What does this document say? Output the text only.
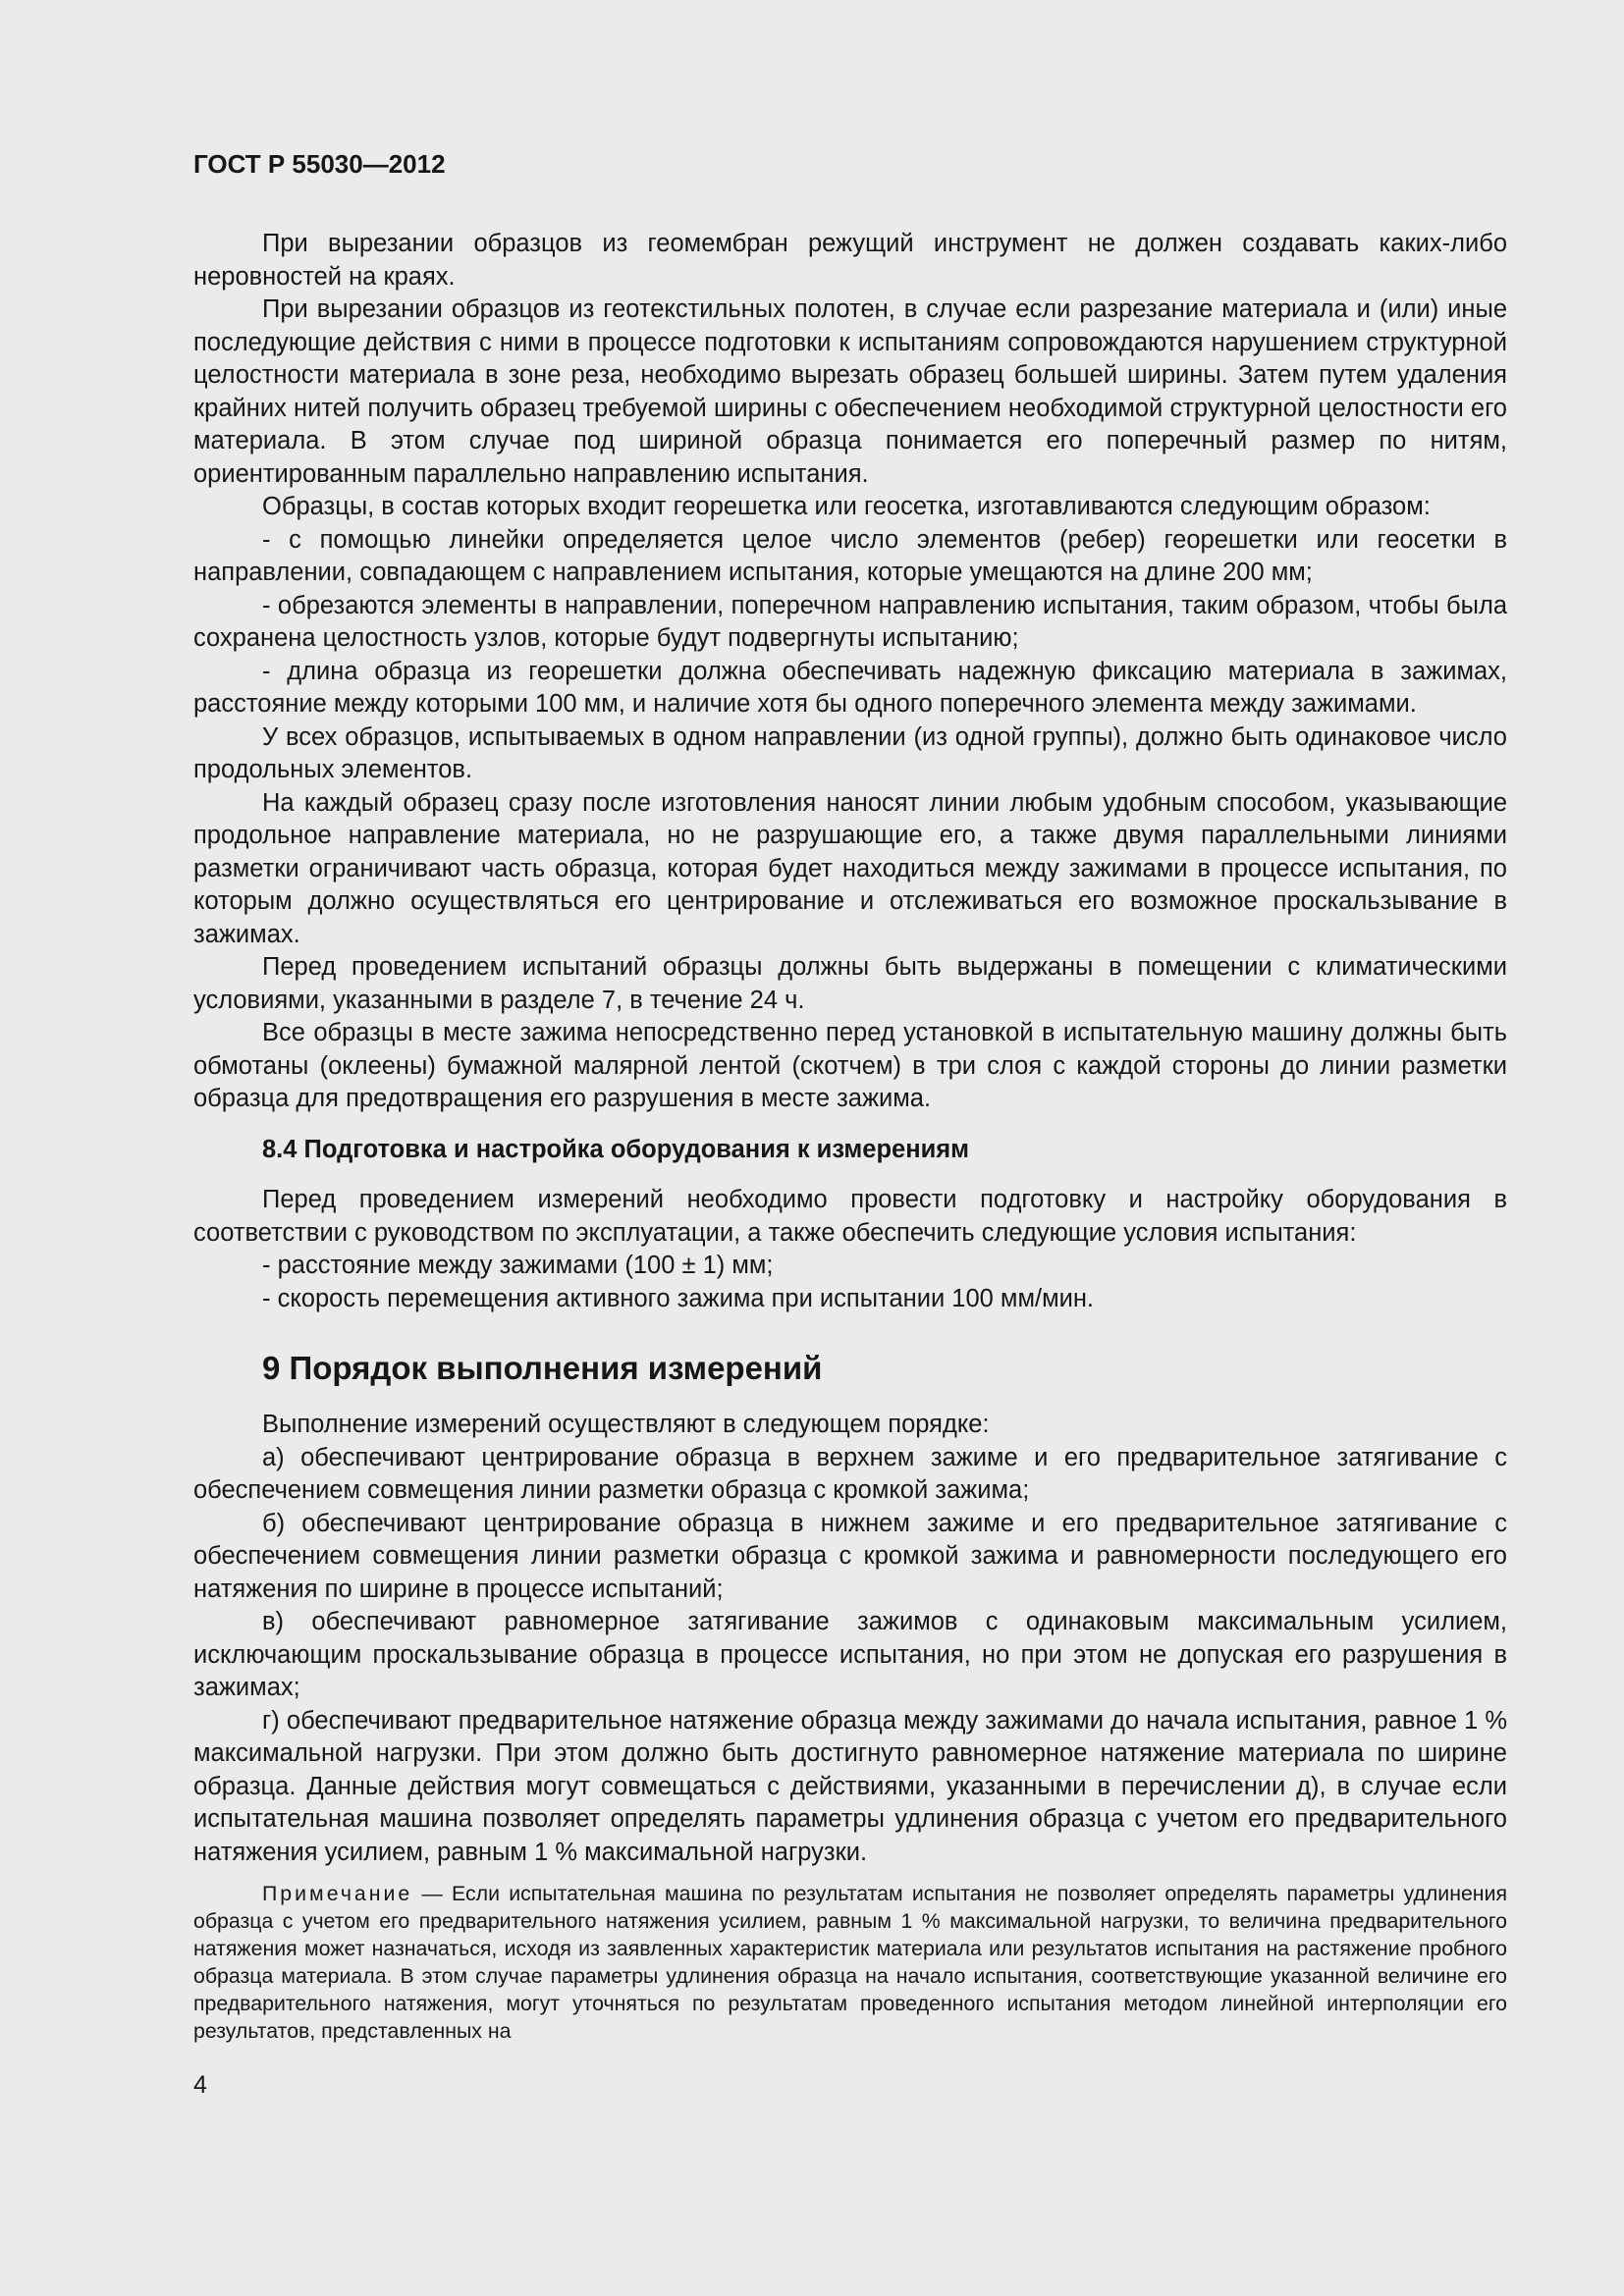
ГОСТ Р 55030—2012

При вырезании образцов из геомембран режущий инструмент не должен создавать каких-либо неровностей на краях.

При вырезании образцов из геотекстильных полотен, в случае если разрезание материала и (или) иные последующие действия с ними в процессе подготовки к испытаниям сопровождаются нарушением структурной целостности материала в зоне реза, необходимо вырезать образец большей ширины. Затем путем удаления крайних нитей получить образец требуемой ширины с обеспечением необходимой структурной целостности его материала. В этом случае под шириной образца понимается его поперечный размер по нитям, ориентированным параллельно направлению испытания.

Образцы, в состав которых входит георешетка или геосетка, изготавливаются следующим образом:

- с помощью линейки определяется целое число элементов (ребер) георешетки или геосетки в направлении, совпадающем с направлением испытания, которые умещаются на длине 200 мм;

- обрезаются элементы в направлении, поперечном направлению испытания, таким образом, чтобы была сохранена целостность узлов, которые будут подвергнуты испытанию;

- длина образца из георешетки должна обеспечивать надежную фиксацию материала в зажимах, расстояние между которыми 100 мм, и наличие хотя бы одного поперечного элемента между зажимами.

У всех образцов, испытываемых в одном направлении (из одной группы), должно быть одинаковое число продольных элементов.

На каждый образец сразу после изготовления наносят линии любым удобным способом, указывающие продольное направление материала, но не разрушающие его, а также двумя параллельными линиями разметки ограничивают часть образца, которая будет находиться между зажимами в процессе испытания, по которым должно осуществляться его центрирование и отслеживаться его возможное проскальзывание в зажимах.

Перед проведением испытаний образцы должны быть выдержаны в помещении с климатическими условиями, указанными в разделе 7, в течение 24 ч.

Все образцы в месте зажима непосредственно перед установкой в испытательную машину должны быть обмотаны (оклеены) бумажной малярной лентой (скотчем) в три слоя с каждой стороны до линии разметки образца для предотвращения его разрушения в месте зажима.

8.4 Подготовка и настройка оборудования к измерениям

Перед проведением измерений необходимо провести подготовку и настройку оборудования в соответствии с руководством по эксплуатации, а также обеспечить следующие условия испытания:

- расстояние между зажимами (100 ± 1) мм;

- скорость перемещения активного зажима при испытании 100 мм/мин.

9 Порядок выполнения измерений

Выполнение измерений осуществляют в следующем порядке:

а) обеспечивают центрирование образца в верхнем зажиме и его предварительное затягивание с обеспечением совмещения линии разметки образца с кромкой зажима;

б) обеспечивают центрирование образца в нижнем зажиме и его предварительное затягивание с обеспечением совмещения линии разметки образца с кромкой зажима и равномерности последующего его натяжения по ширине в процессе испытаний;

в) обеспечивают равномерное затягивание зажимов с одинаковым максимальным усилием, исключающим проскальзывание образца в процессе испытания, но при этом не допуская его разрушения в зажимах;

г) обеспечивают предварительное натяжение образца между зажимами до начала испытания, равное 1 % максимальной нагрузки. При этом должно быть достигнуто равномерное натяжение материала по ширине образца. Данные действия могут совмещаться с действиями, указанными в перечислении д), в случае если испытательная машина позволяет определять параметры удлинения образца с учетом его предварительного натяжения усилием, равным 1 % максимальной нагрузки.

Примечание — Если испытательная машина по результатам испытания не позволяет определять параметры удлинения образца с учетом его предварительного натяжения усилием, равным 1 % максимальной нагрузки, то величина предварительного натяжения может назначаться, исходя из заявленных характеристик материала или результатов испытания на растяжение пробного образца материала. В этом случае параметры удлинения образца на начало испытания, соответствующие указанной величине его предварительного натяжения, могут уточняться по результатам проведенного испытания методом линейной интерполяции его результатов, представленных на

4
